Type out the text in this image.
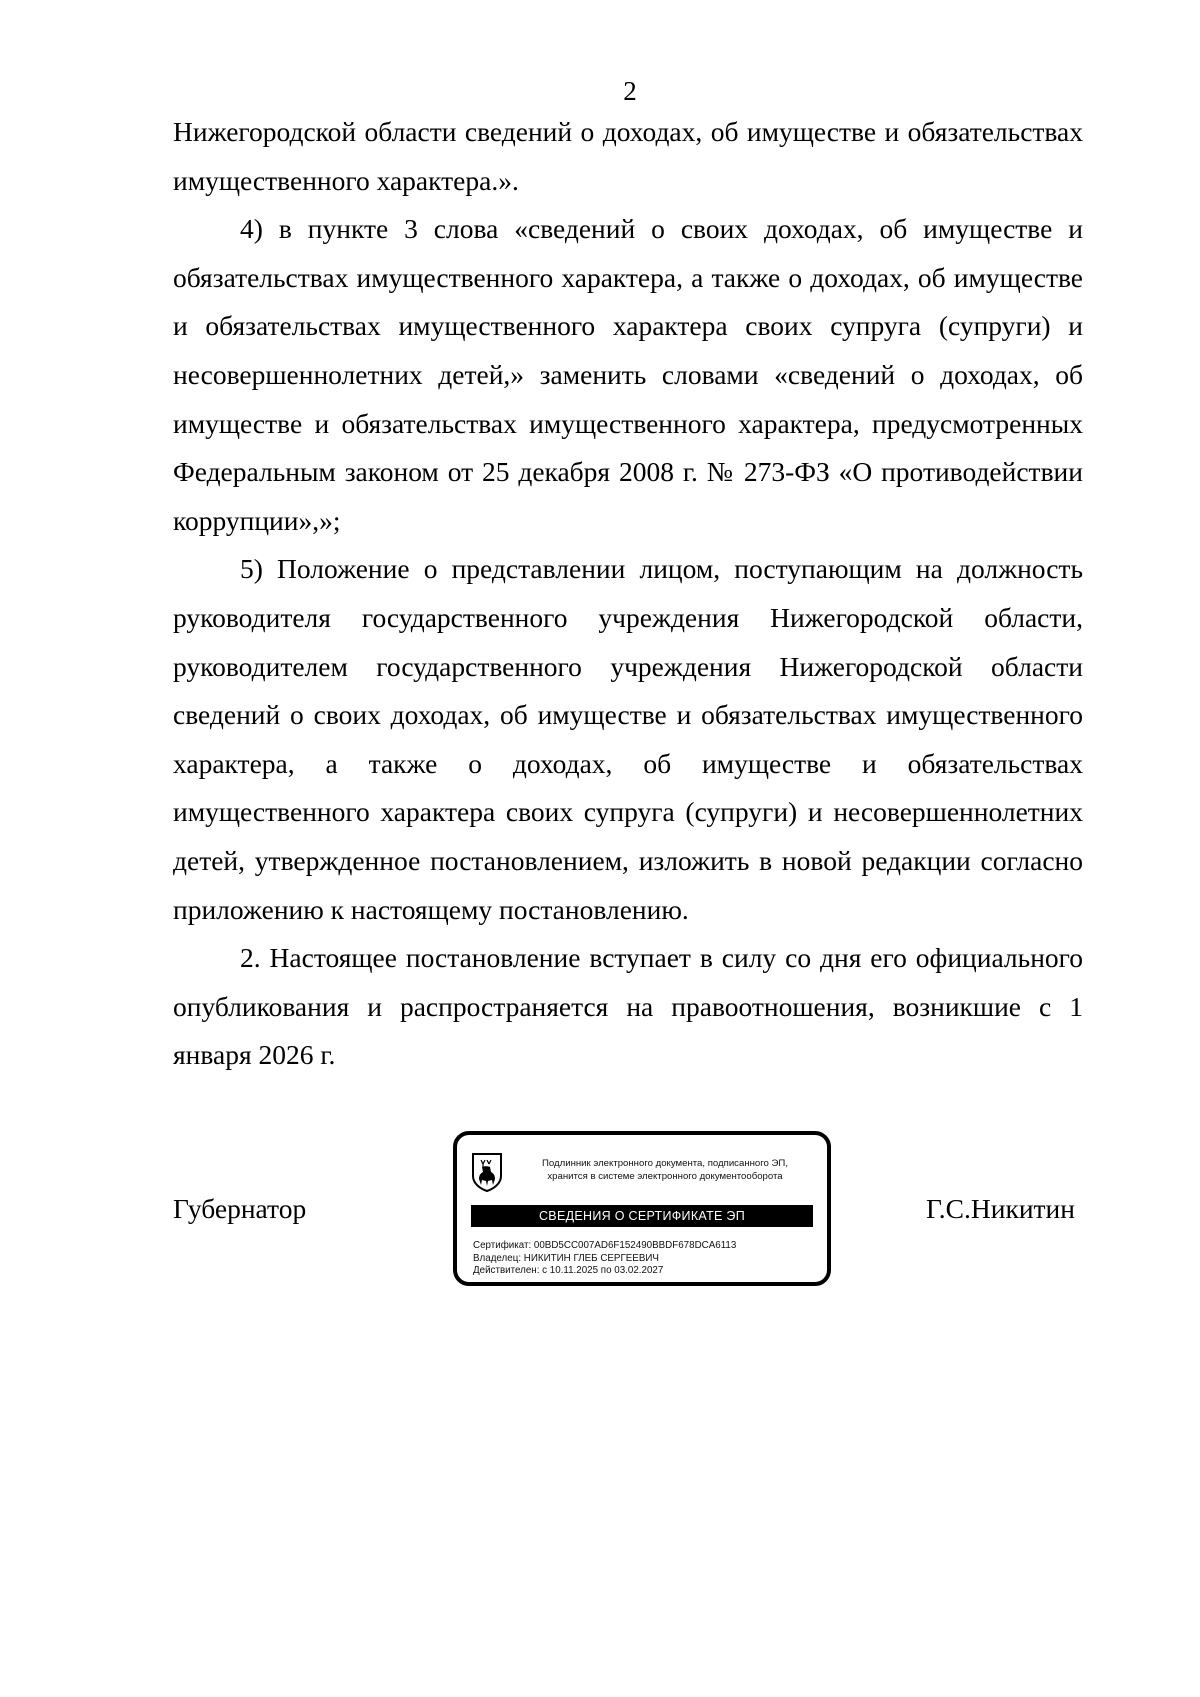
2

Нижегородской области сведений о доходах, об имуществе и обязательствах имущественного характера.».

4) в пункте 3 слова «сведений о своих доходах, об имуществе и обязательствах имущественного характера, а также о доходах, об имуществе и обязательствах имущественного характера своих супруга (супруги) и несовершеннолетних детей,» заменить словами «сведений о доходах, об имуществе и обязательствах имущественного характера, предусмотренных Федеральным законом от 25 декабря 2008 г. № 273-ФЗ «О противодействии коррупции»,»;

5) Положение о представлении лицом, поступающим на должность руководителя государственного учреждения Нижегородской области, руководителем государственного учреждения Нижегородской области сведений о своих доходах, об имуществе и обязательствах имущественного характера, а также о доходах, об имуществе и обязательствах имущественного характера своих супруга (супруги) и несовершеннолетних детей, утвержденное постановлением, изложить в новой редакции согласно приложению к настоящему постановлению.

2. Настоящее постановление вступает в силу со дня его официального опубликования и распространяется на правоотношения, возникшие с 1 января 2026 г.

Губернатор
Подлинник электронного документа, подписанного ЭП,
хранится в системе электронного документооборота
СВЕДЕНИЯ О СЕРТИФИКАТЕ ЭП
Сертификат: 00BD5CC007AD6F152490BBDF678DCA6113
Владелец: НИКИТИН ГЛЕБ СЕРГЕЕВИЧ
Действителен: с 10.11.2025 по 03.02.2027
Г.С.Никитин
